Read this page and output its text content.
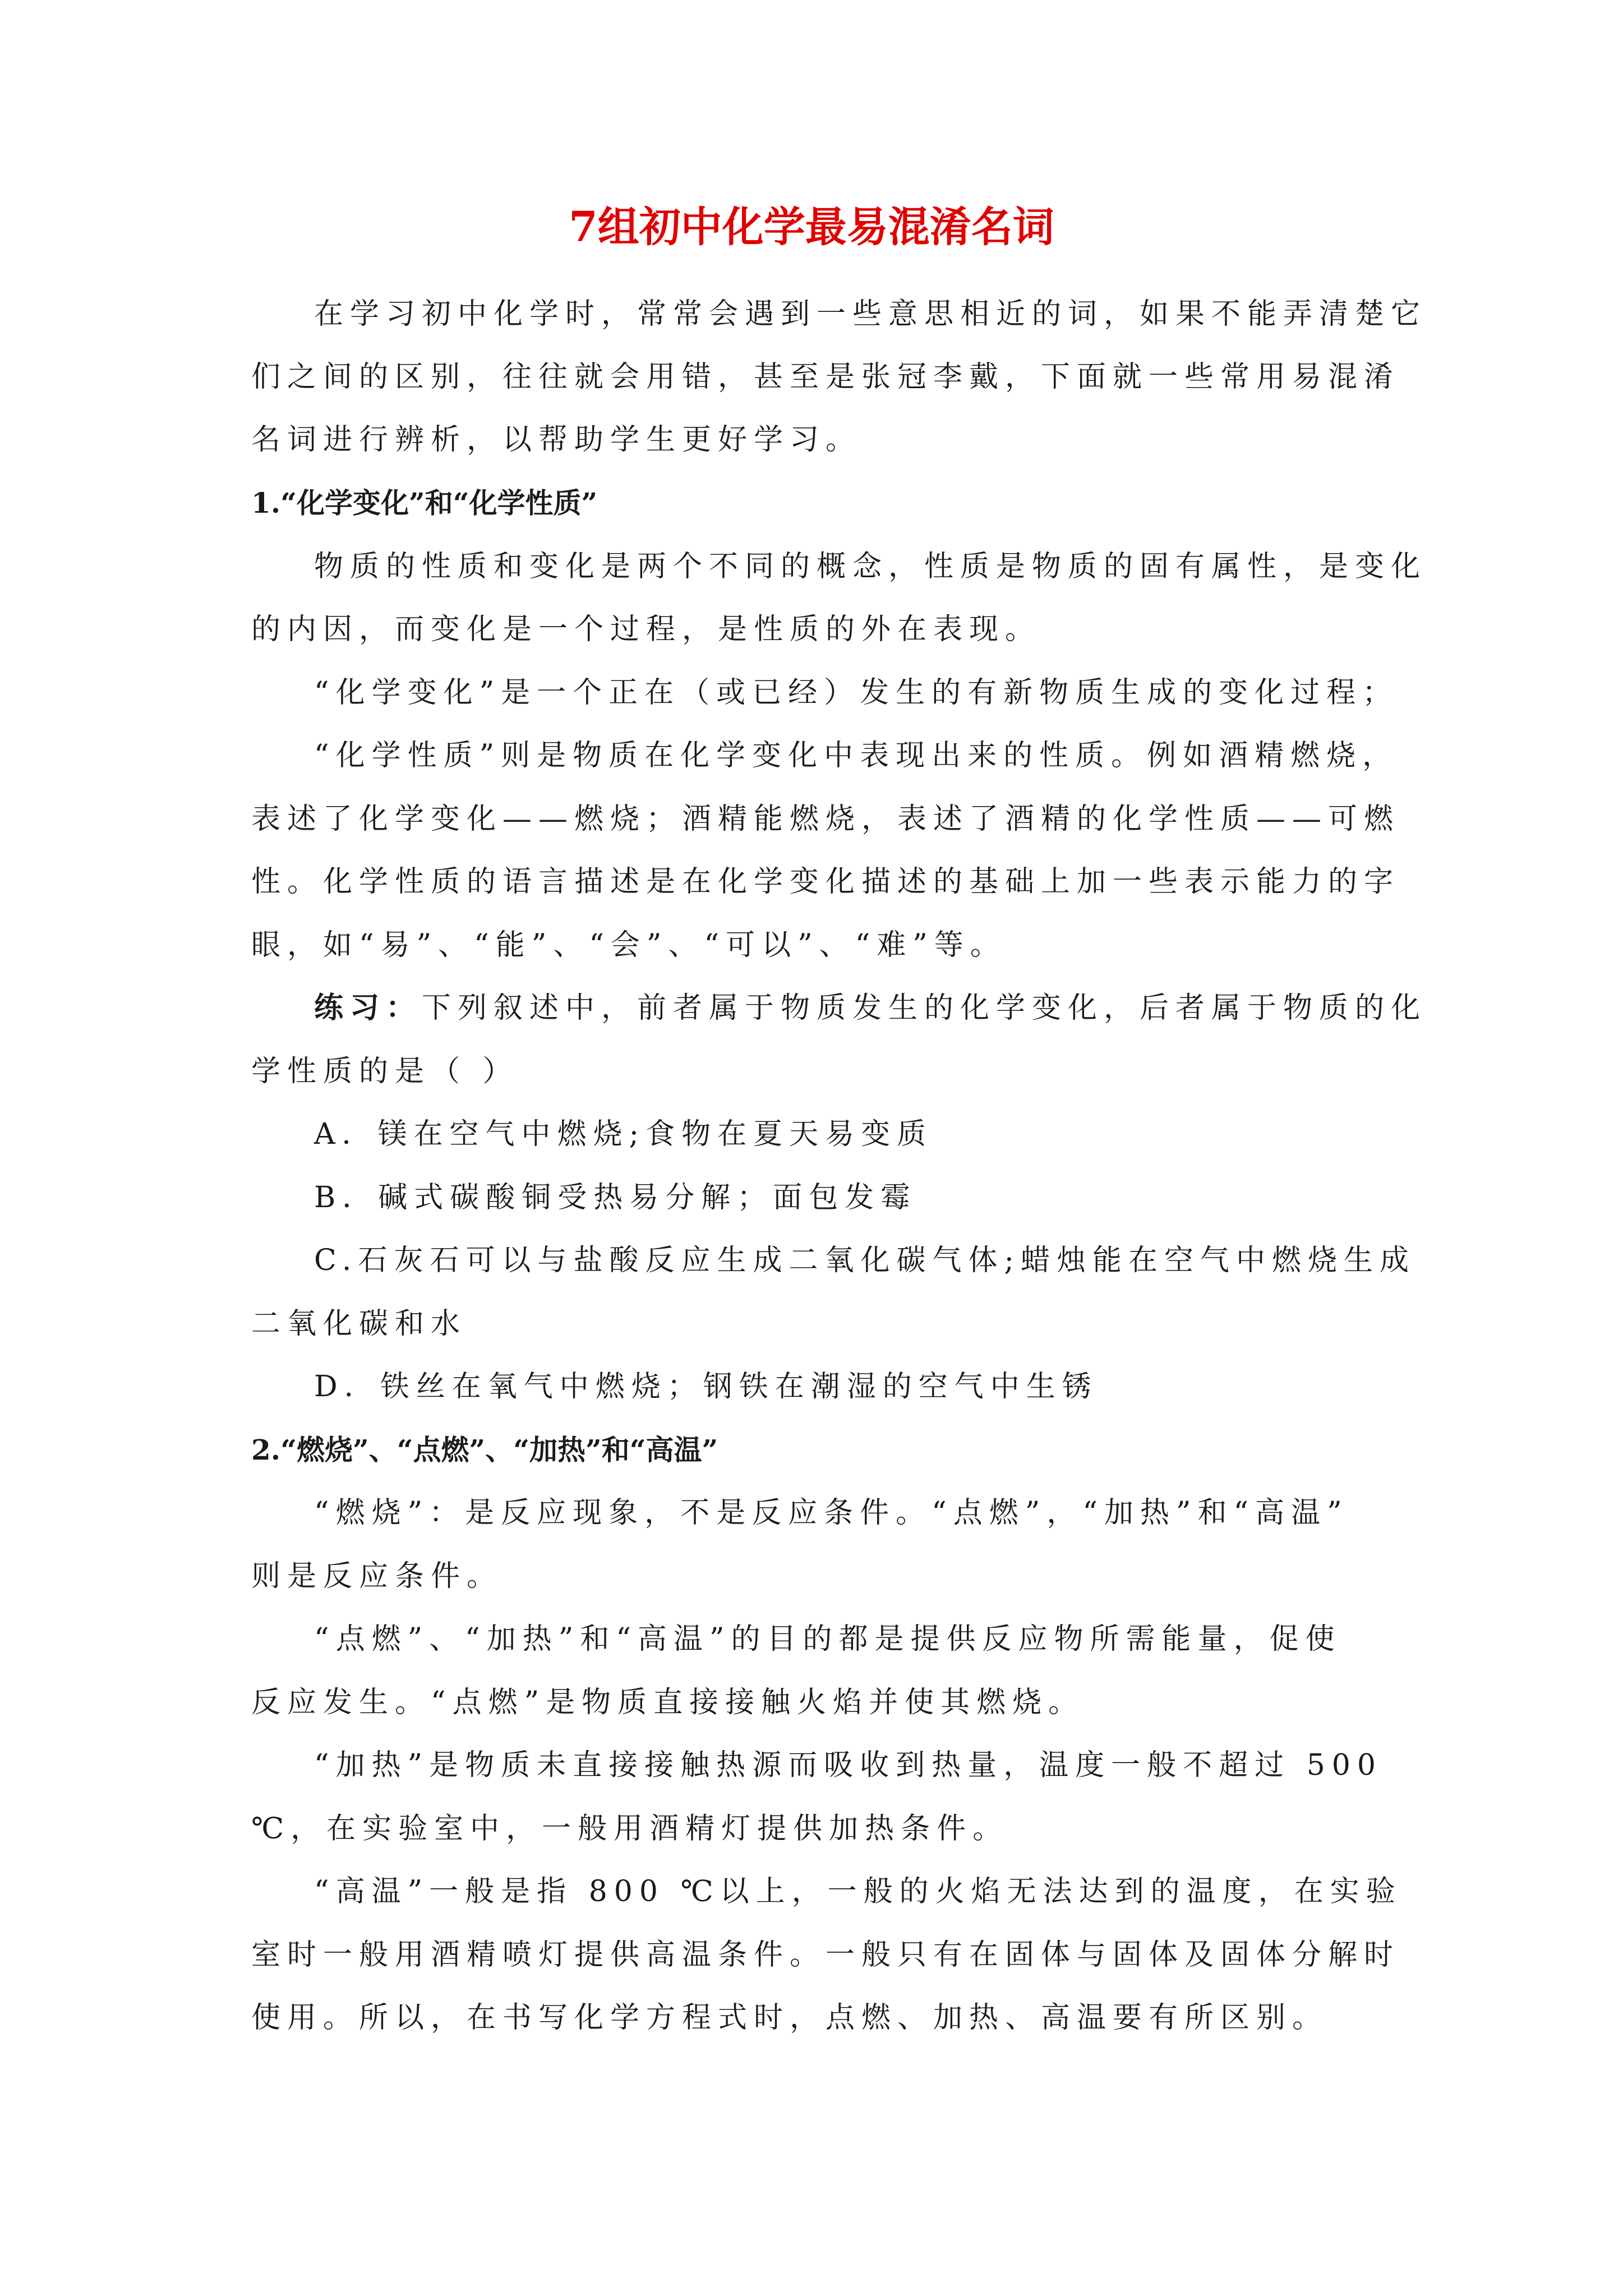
7组初中化学最易混淆名词
在学习初中化学时，常常会遇到一些意思相近的词，如果不能弄清楚它
们之间的区别，往往就会用错，甚至是张冠李戴，下面就一些常用易混淆
名词进行辨析，以帮助学生更好学习。
1.“化学变化”和“化学性质”
物质的性质和变化是两个不同的概念，性质是物质的固有属性，是变化
的内因，而变化是一个过程，是性质的外在表现。
“化学变化”是一个正在（或已经）发生的有新物质生成的变化过程；
“化学性质”则是物质在化学变化中表现出来的性质。例如酒精燃烧，
表述了化学变化——燃烧；酒精能燃烧，表述了酒精的化学性质——可燃
性。化学性质的语言描述是在化学变化描述的基础上加一些表示能力的字
眼，如“易”、“能”、“会”、“可以”、“难”等。
练习：下列叙述中，前者属于物质发生的化学变化，后者属于物质的化
学性质的是（ ）
A．镁在空气中燃烧;食物在夏天易变质
B．碱式碳酸铜受热易分解；面包发霉
C.石灰石可以与盐酸反应生成二氧化碳气体;蜡烛能在空气中燃烧生成
二氧化碳和水
D．铁丝在氧气中燃烧；钢铁在潮湿的空气中生锈
2.“燃烧”、“点燃”、“加热”和“高温”
“燃烧”：是反应现象，不是反应条件。“点燃”，“加热”和“高温”
则是反应条件。
“点燃”、“加热”和“高温”的目的都是提供反应物所需能量，促使
反应发生。“点燃”是物质直接接触火焰并使其燃烧。
“加热”是物质未直接接触热源而吸收到热量，温度一般不超过 500
℃，在实验室中，一般用酒精灯提供加热条件。
“高温”一般是指 800 ℃以上，一般的火焰无法达到的温度，在实验
室时一般用酒精喷灯提供高温条件。一般只有在固体与固体及固体分解时
使用。所以，在书写化学方程式时，点燃、加热、高温要有所区别。
